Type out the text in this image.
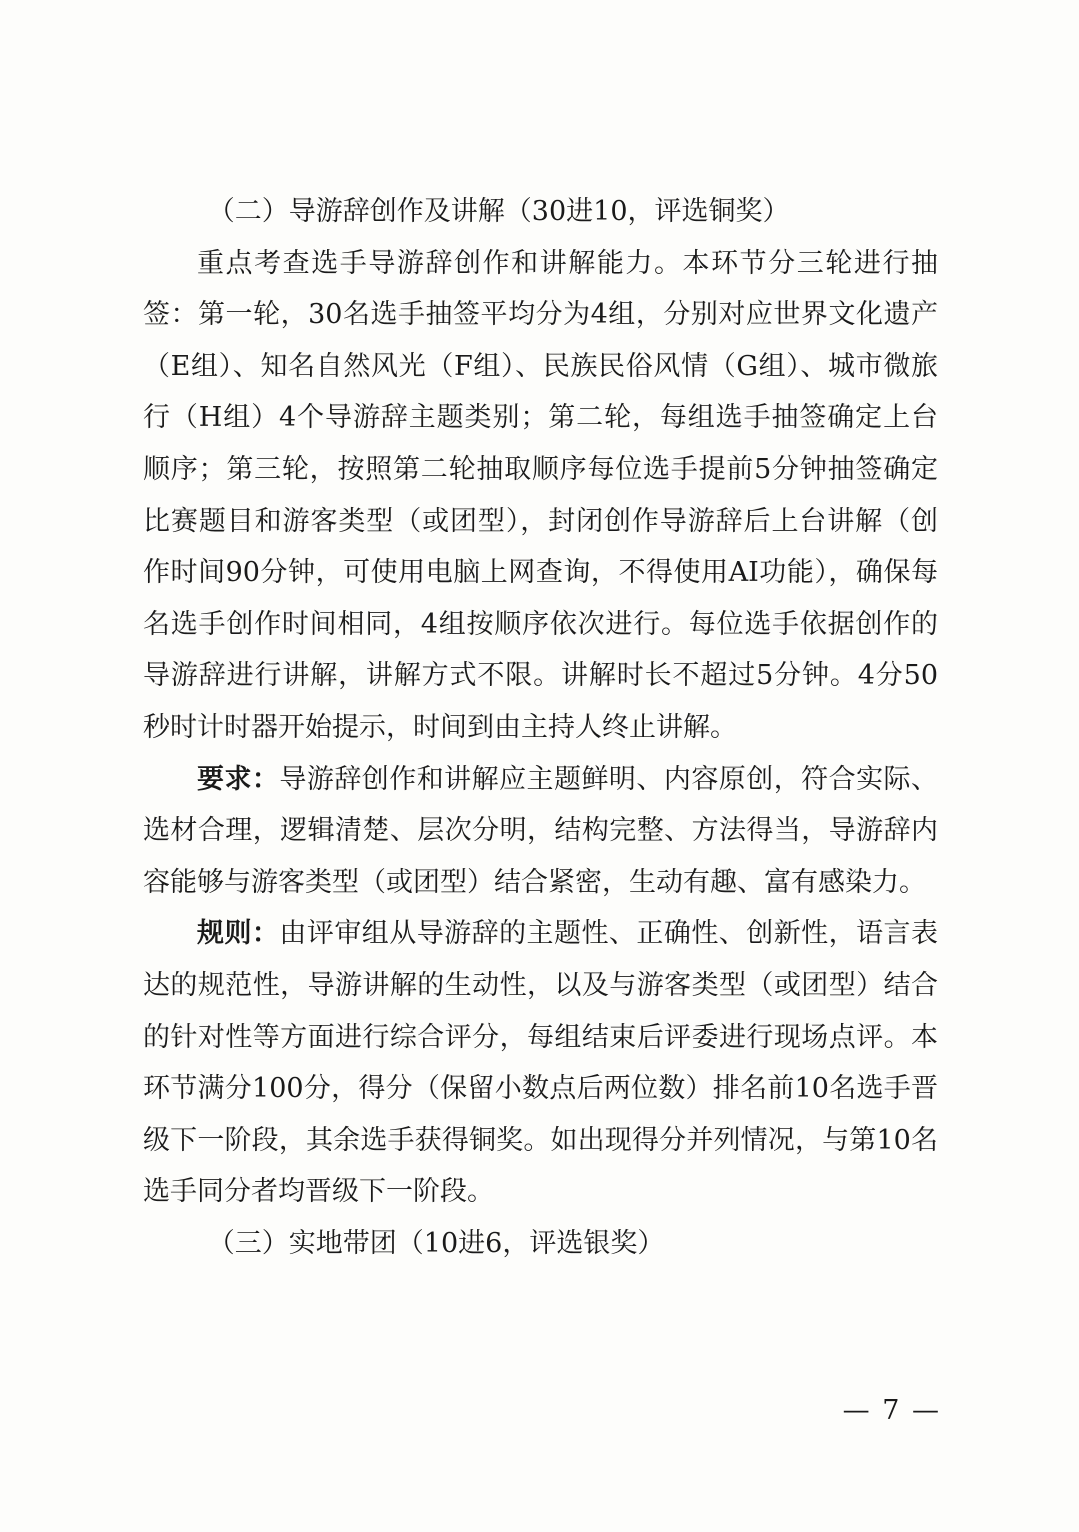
（二）导游辞创作及讲解（30进10，评选铜奖）

重点考查选手导游辞创作和讲解能力。本环节分三轮进行抽签：第一轮，30名选手抽签平均分为4组，分别对应世界文化遗产（E组）、知名自然风光（F组）、民族民俗风情（G组）、城市微旅行（H组）4个导游辞主题类别；第二轮，每组选手抽签确定上台顺序；第三轮，按照第二轮抽取顺序每位选手提前5分钟抽签确定比赛题目和游客类型（或团型），封闭创作导游辞后上台讲解（创作时间90分钟，可使用电脑上网查询，不得使用AI功能），确保每名选手创作时间相同，4组按顺序依次进行。每位选手依据创作的导游辞进行讲解，讲解方式不限。讲解时长不超过5分钟。4分50秒时计时器开始提示，时间到由主持人终止讲解。

要求：导游辞创作和讲解应主题鲜明、内容原创，符合实际、选材合理，逻辑清楚、层次分明，结构完整、方法得当，导游辞内容能够与游客类型（或团型）结合紧密，生动有趣、富有感染力。

规则：由评审组从导游辞的主题性、正确性、创新性，语言表达的规范性，导游讲解的生动性，以及与游客类型（或团型）结合的针对性等方面进行综合评分，每组结束后评委进行现场点评。本环节满分100分，得分（保留小数点后两位数）排名前10名选手晋级下一阶段，其余选手获得铜奖。如出现得分并列情况，与第10名选手同分者均晋级下一阶段。

（三）实地带团（10进6，评选银奖）

— 7 —
